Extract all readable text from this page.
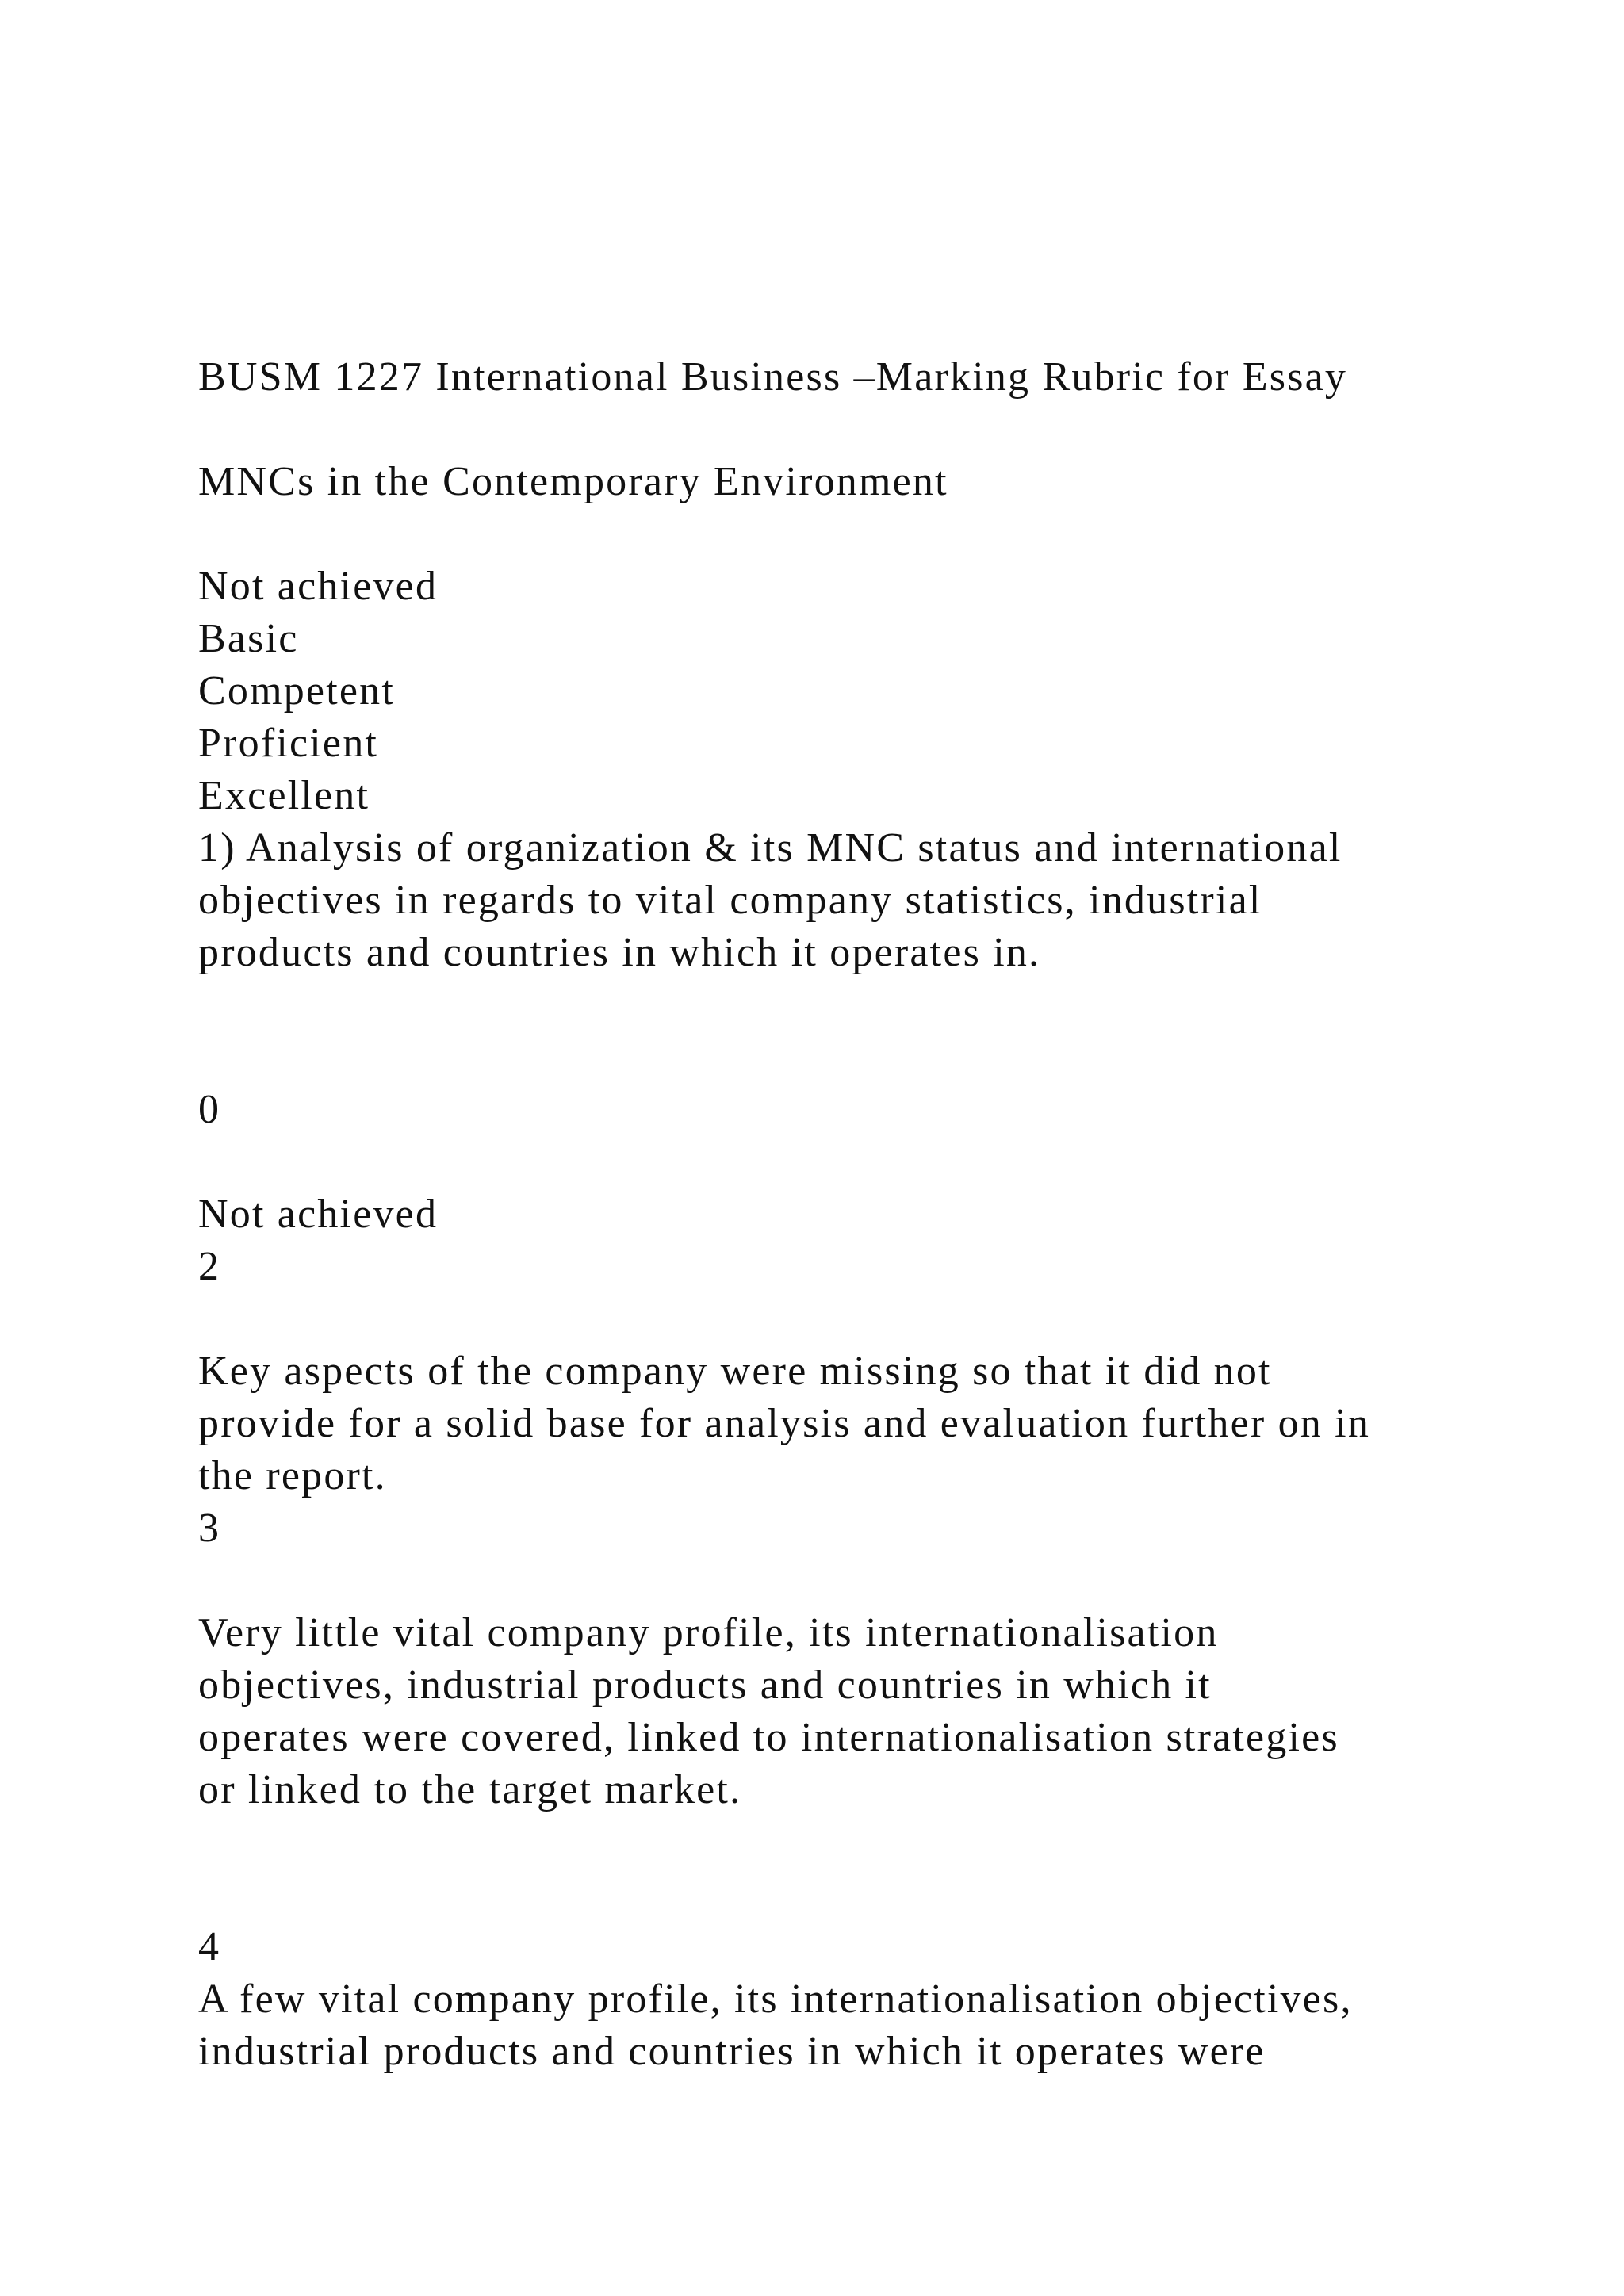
BUSM 1227 International Business –Marking Rubric for Essay
MNCs in the Contemporary Environment
Not achieved
Basic
Competent
Proficient
Excellent
1) Analysis of organization & its MNC status and international
objectives in regards to vital company statistics, industrial
products and countries in which it operates in.
0
Not achieved
2
Key aspects of the company were missing so that it did not
provide for a solid base for analysis and evaluation further on in
the report.
3
Very little vital company profile, its internationalisation
objectives, industrial products and countries in which it
operates were covered, linked to internationalisation strategies
or linked to the target market.
4
A few vital company profile, its internationalisation objectives,
industrial products and countries in which it operates were
